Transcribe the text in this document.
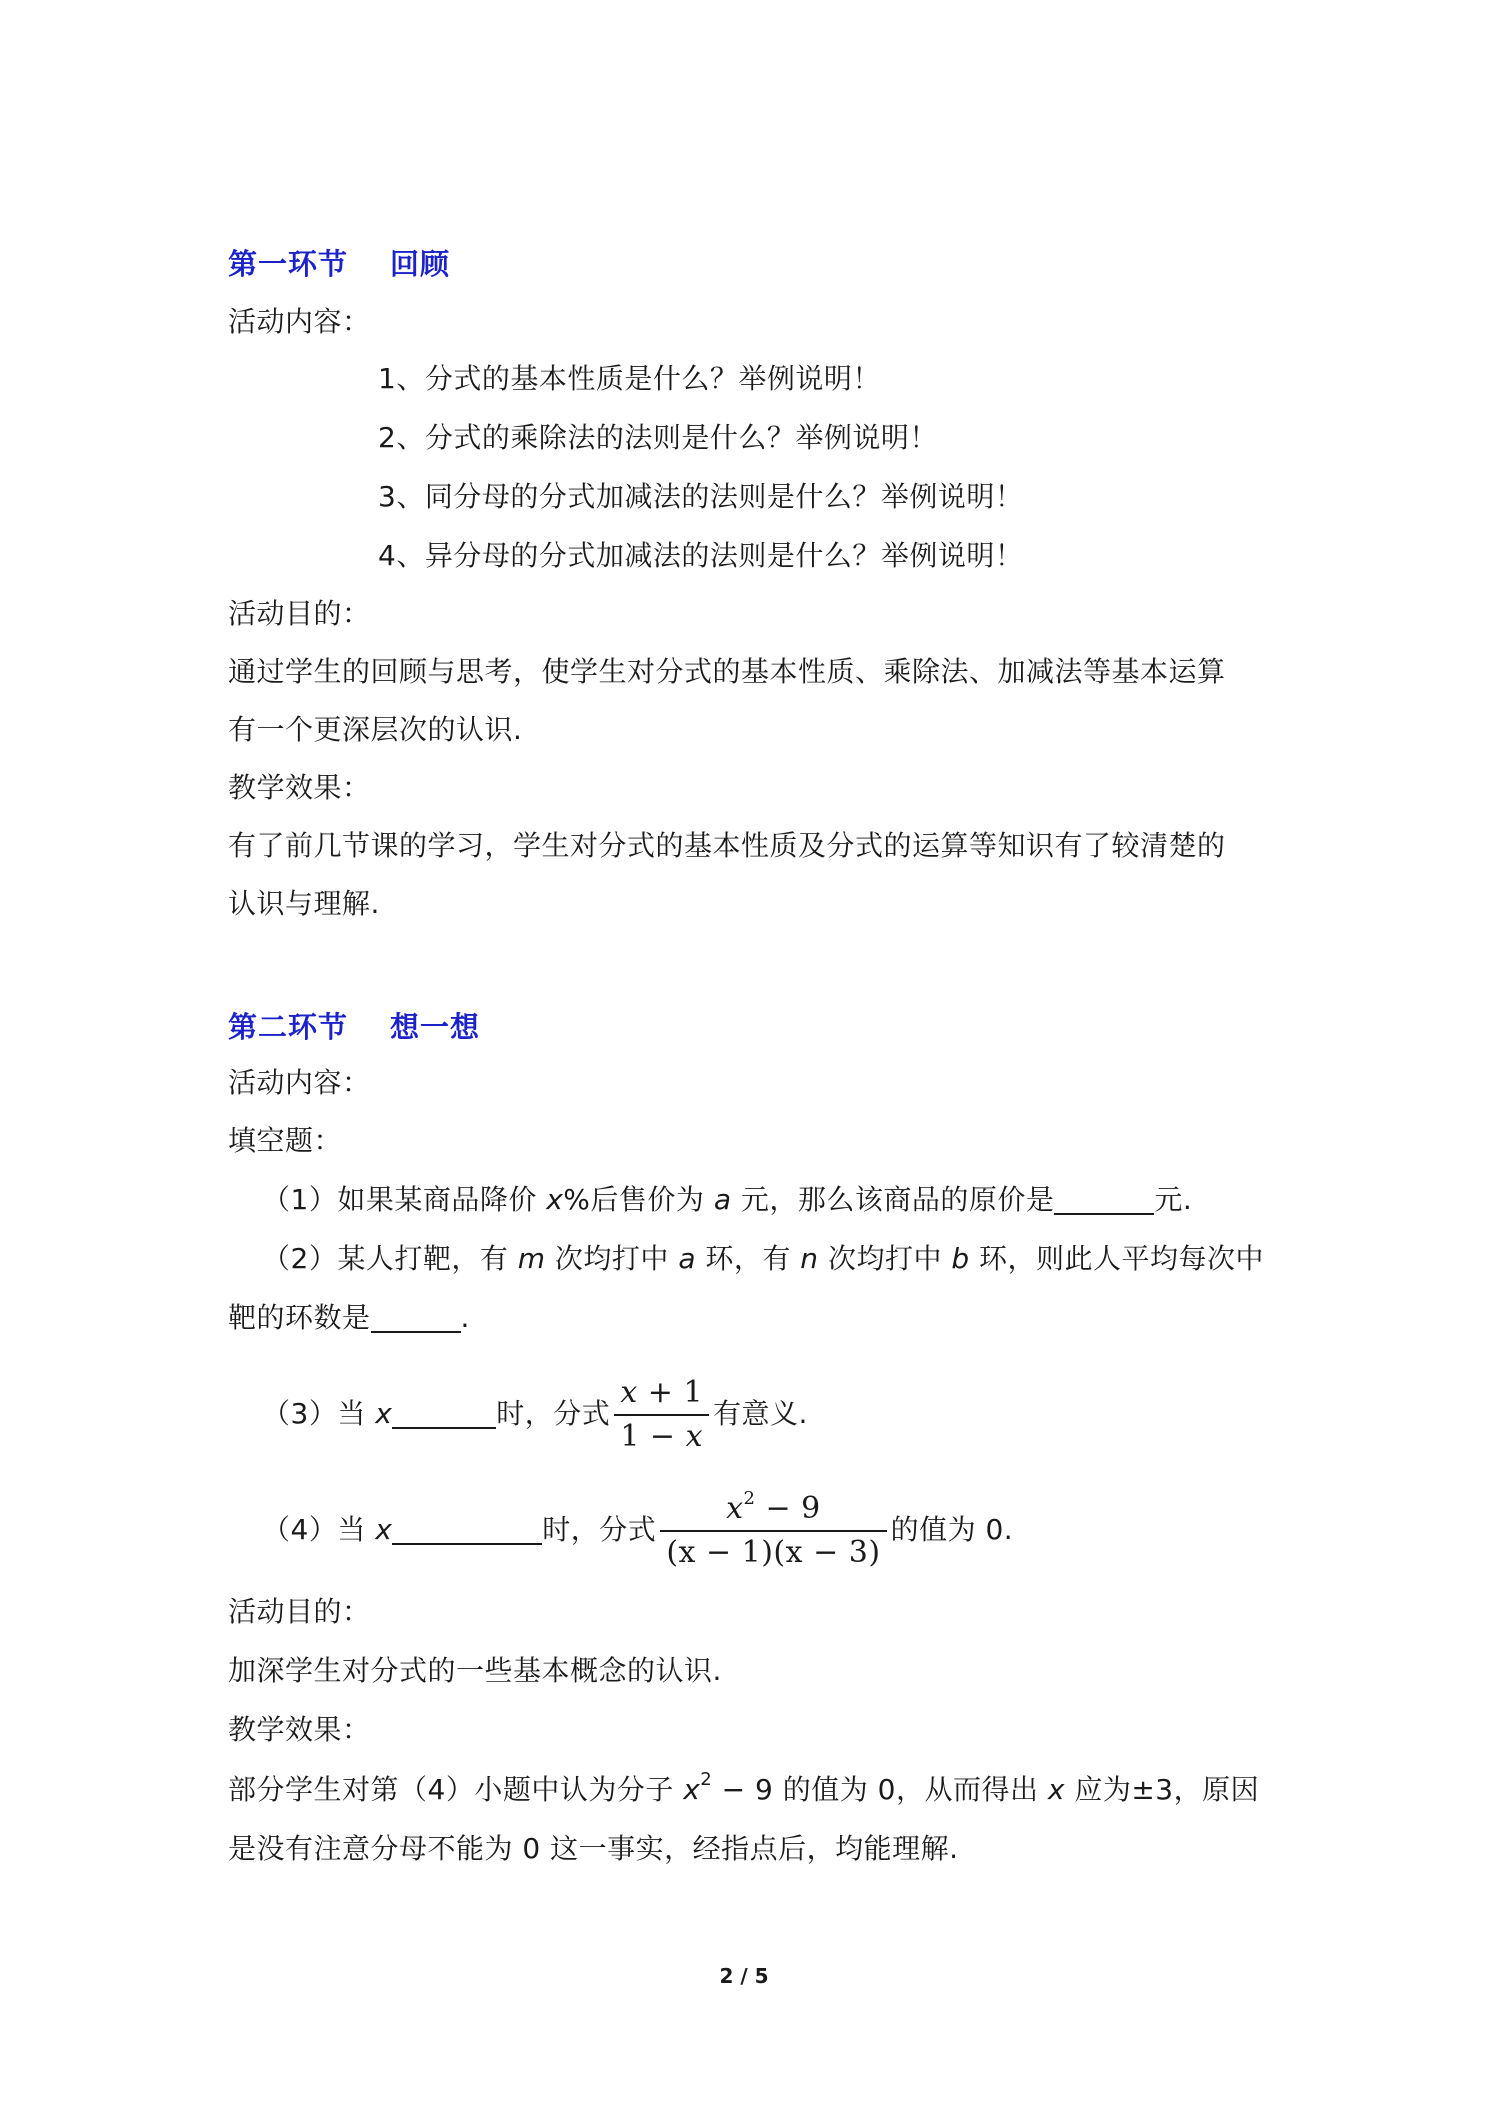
第一环节 回顾
活动内容：
1、分式的基本性质是什么？举例说明！
2、分式的乘除法的法则是什么？举例说明！
3、同分母的分式加减法的法则是什么？举例说明！
4、异分母的分式加减法的法则是什么？举例说明！
活动目的：
通过学生的回顾与思考，使学生对分式的基本性质、乘除法、加减法等基本运算
有一个更深层次的认识.
教学效果：
有了前几节课的学习，学生对分式的基本性质及分式的运算等知识有了较清楚的
认识与理解.
第二环节 想一想
活动内容：
填空题：
（1）如果某商品降价 x%后售价为 a 元，那么该商品的原价是	元.
（2）某人打靶，有 m 次均打中 a 环，有 n 次均打中 b 环，则此人平均每次中
靶的环数是	.
（3）当 x	时，分式 $\frac{x + 1}{1 - x}$ 有意义.
（4）当 x	时，分式 $\frac{x^2 - 9}{(x - 1)(x - 3)}$ 的值为 0.
活动目的：
加深学生对分式的一些基本概念的认识.
教学效果：
部分学生对第（4）小题中认为分子 $x^2 - 9$ 的值为 0，从而得出 x 应为±3，原因
是没有注意分母不能为 0 这一事实，经指点后，均能理解.
2 / 5
